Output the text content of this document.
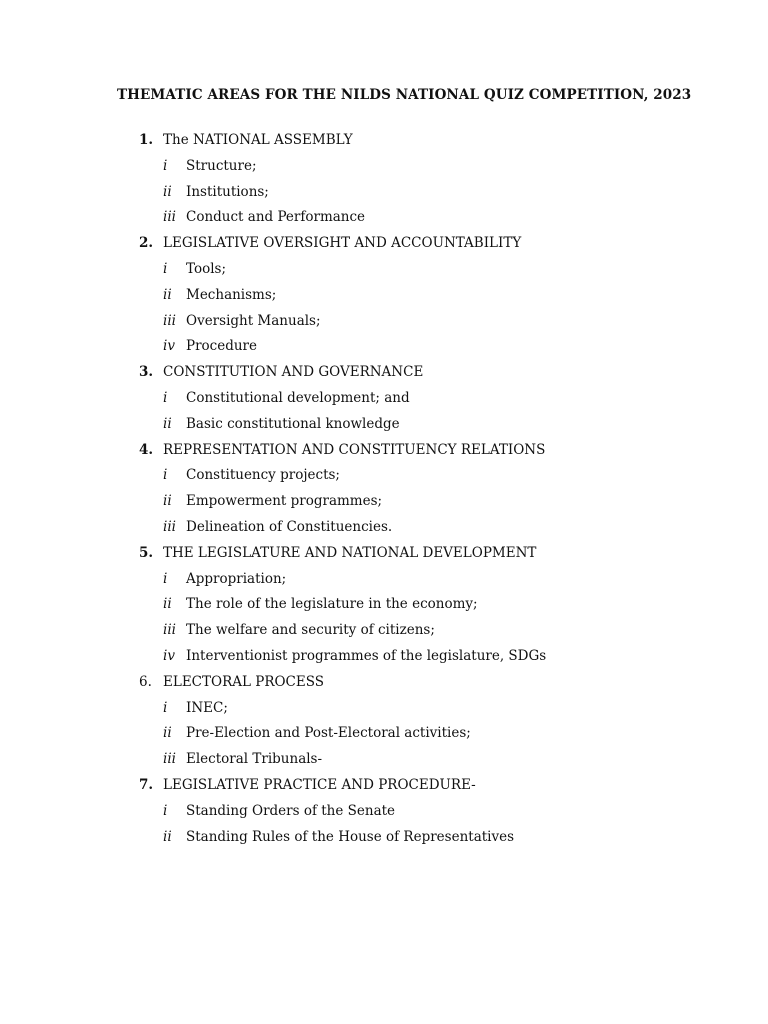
THEMATIC AREAS FOR THE NILDS NATIONAL QUIZ COMPETITION, 2023
1. The NATIONAL ASSEMBLY
i Structure;
ii Institutions;
iii Conduct and Performance
2. LEGISLATIVE OVERSIGHT AND ACCOUNTABILITY
i Tools;
ii Mechanisms;
iii Oversight Manuals;
iv Procedure
3. CONSTITUTION AND GOVERNANCE
i Constitutional development; and
ii Basic constitutional knowledge
4. REPRESENTATION AND CONSTITUENCY RELATIONS
i Constituency projects;
ii Empowerment programmes;
iii Delineation of Constituencies.
5. THE LEGISLATURE AND NATIONAL DEVELOPMENT
i Appropriation;
ii The role of the legislature in the economy;
iii The welfare and security of citizens;
iv Interventionist programmes of the legislature, SDGs
6. ELECTORAL PROCESS
i INEC;
ii Pre-Election and Post-Electoral activities;
iii Electoral Tribunals-
7. LEGISLATIVE PRACTICE AND PROCEDURE-
i Standing Orders of the Senate
ii Standing Rules of the House of Representatives
